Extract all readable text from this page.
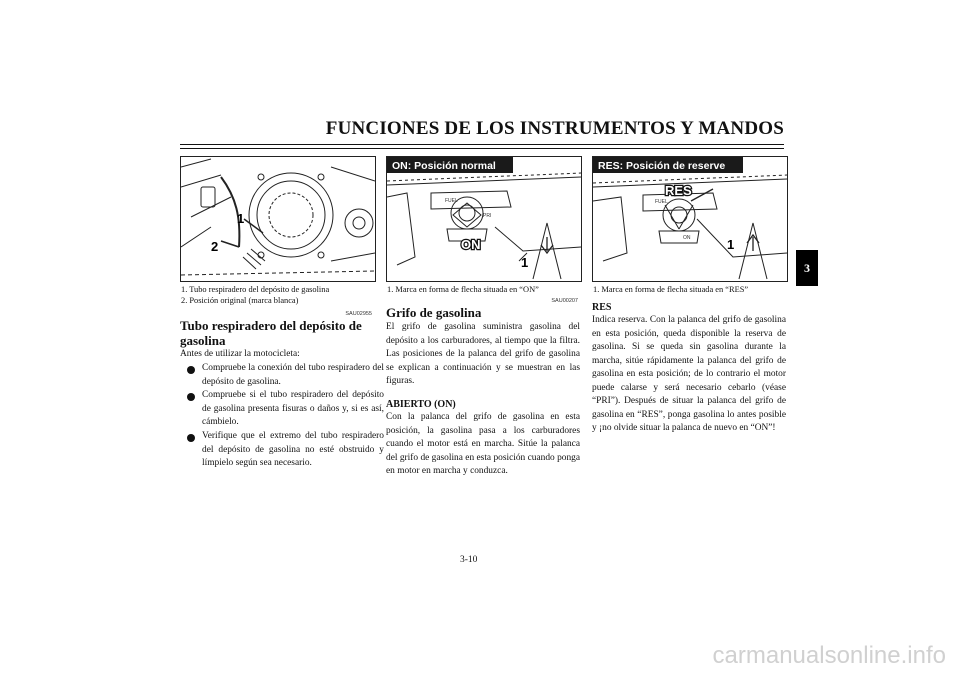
FUNCIONES DE LOS INSTRUMENTOS Y MANDOS
3
1
2
ON: Posición normal
FUEL
PRI
ON
1
RES: Posición de reserve
FUEL
ON
RES
1
1. Tubo respiradero del depósito de gasolina
2. Posición original (marca blanca)
SAU02955
Tubo respiradero del depósito de
gasolina
Antes de utilizar la motocicleta:
Compruebe la conexión del tubo respiradero del depósito de gasolina.
Compruebe si el tubo respiradero del depósito de gasolina presenta fisuras o daños y, si es así, cámbielo.
Verifique que el extremo del tubo respiradero del depósito de gasolina no esté obstruido y límpielo según sea necesario.
1. Marca en forma de flecha situada en “ON”
SAU00207
Grifo de gasolina
El grifo de gasolina suministra gasolina del depósito a los carburadores, al tiempo que la filtra. Las posiciones de la palanca del grifo de gasolina se explican a continuación y se muestran en las figuras.
ABIERTO (ON)
Con la palanca del grifo de gasolina en esta posición, la gasolina pasa a los carburadores cuando el motor está en marcha. Sitúe la palanca del grifo de gasolina en esta posición cuando ponga en motor en marcha y conduzca.
1. Marca en forma de flecha situada en “RES”
RES
Indica reserva. Con la palanca del grifo de gasolina en esta posición, queda disponible la reserva de gasolina. Si se queda sin gasolina durante la marcha, sitúe rápidamente la palanca del grifo de gasolina en esta posición; de lo contrario el motor puede calarse y será necesario cebarlo (véase “PRI”). Después de situar la palanca del grifo de gasolina en “RES”, ponga gasolina lo antes posible y ¡no olvide situar la palanca de nuevo en “ON”!
3-10
carmanualsonline.info
